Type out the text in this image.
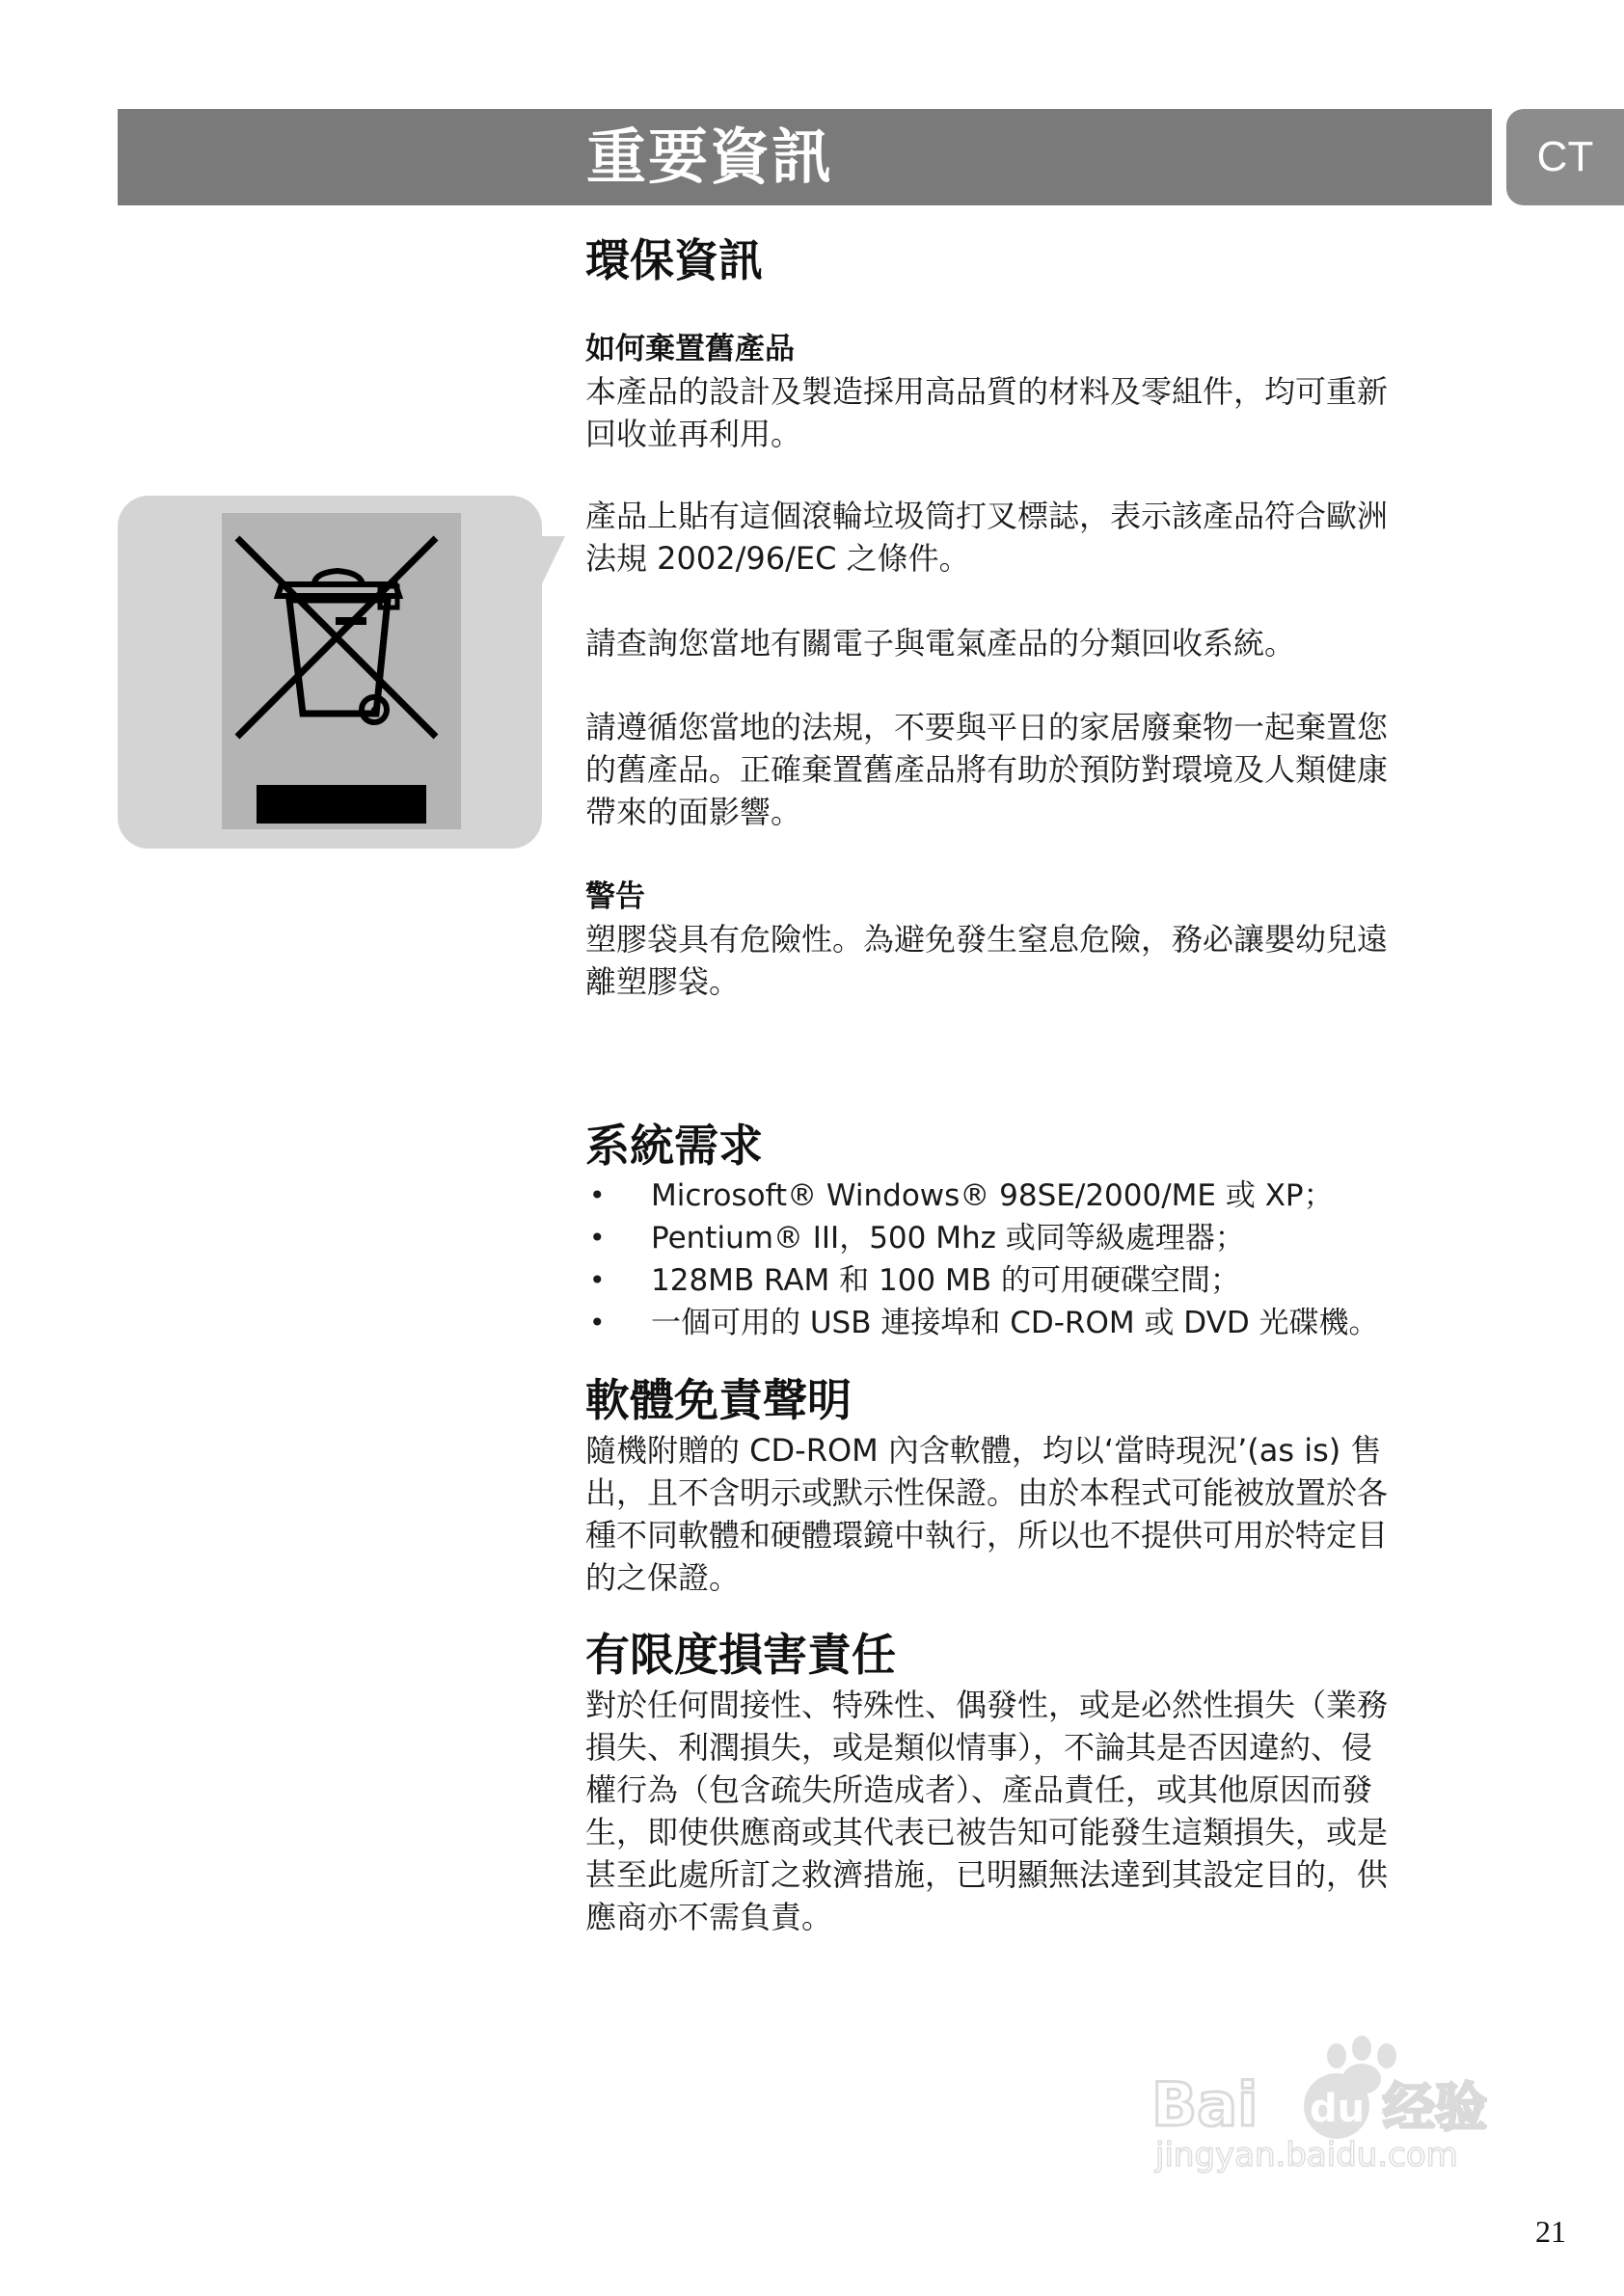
重要資訊	CT
環保資訊
如何棄置舊產品

本產品的設計及製造採用高品質的材料及零組件，均可重新
回收並再利用。

產品上貼有這個滾輪垃圾筒打叉標誌，表示該產品符合歐洲
法規 2002/96/EC 之條件。

請查詢您當地有關電子與電氣產品的分類回收系統。

請遵循您當地的法規，不要與平日的家居廢棄物一起棄置您
的舊產品。正確棄置舊產品將有助於預防對環境及人類健康
帶來的面影響。

警告

塑膠袋具有危險性。為避免發生窒息危險，務必讓嬰幼兒遠
離塑膠袋。

系統需求
• Microsoft® Windows® 98SE/2000/ME 或 XP；
• Pentium® III，500 Mhz 或同等級處理器；
• 128MB RAM 和 100 MB 的可用硬碟空間；
• 一個可用的 USB 連接埠和 CD-ROM 或 DVD 光碟機。
軟體免責聲明

隨機附贈的 CD-ROM 內含軟體，均以‘當時現況’(as is) 售
出，且不含明示或默示性保證。由於本程式可能被放置於各
種不同軟體和硬體環鏡中執行，所以也不提供可用於特定目
的之保證。

有限度損害責任

對於任何間接性、特殊性、偶發性，或是必然性損失（業務
損失、利潤損失，或是類似情事），不論其是否因違約、侵
權行為（包含疏失所造成者）、產品責任，或其他原因而發
生，即使供應商或其代表已被告知可能發生這類損失，或是
甚至此處所訂之救濟措施，已明顯無法達到其設定目的，供
應商亦不需負責。

Bai du 经验
jingyan.baidu.com
21
